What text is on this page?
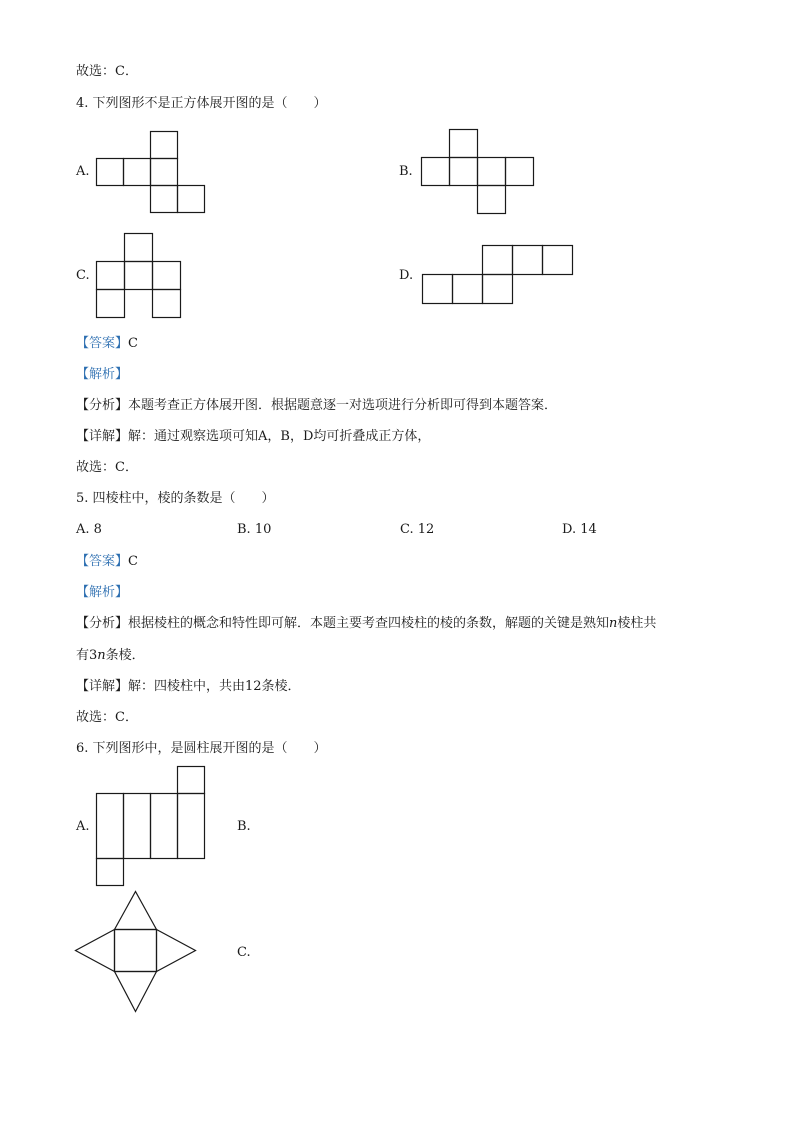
故选：C．
4. 下列图形不是正方体展开图的是（　　）
A.	B.
C.	D.
【答案】C
【解析】
【分析】本题考查正方体展开图．根据题意逐一对选项进行分析即可得到本题答案．
【详解】解：通过观察选项可知A，B，D均可折叠成正方体，
故选：C．
5. 四棱柱中，棱的条数是（　　）
A. 8	B. 10	C. 12	D. 14
【答案】C
【解析】
【分析】根据棱柱的概念和特性即可解．本题主要考查四棱柱的棱的条数，解题的关键是熟知n棱柱共
有3n条棱．
【详解】解：四棱柱中，共由12条棱．
故选：C．
6. 下列图形中，是圆柱展开图的是（　　）
A.	B.
C.
